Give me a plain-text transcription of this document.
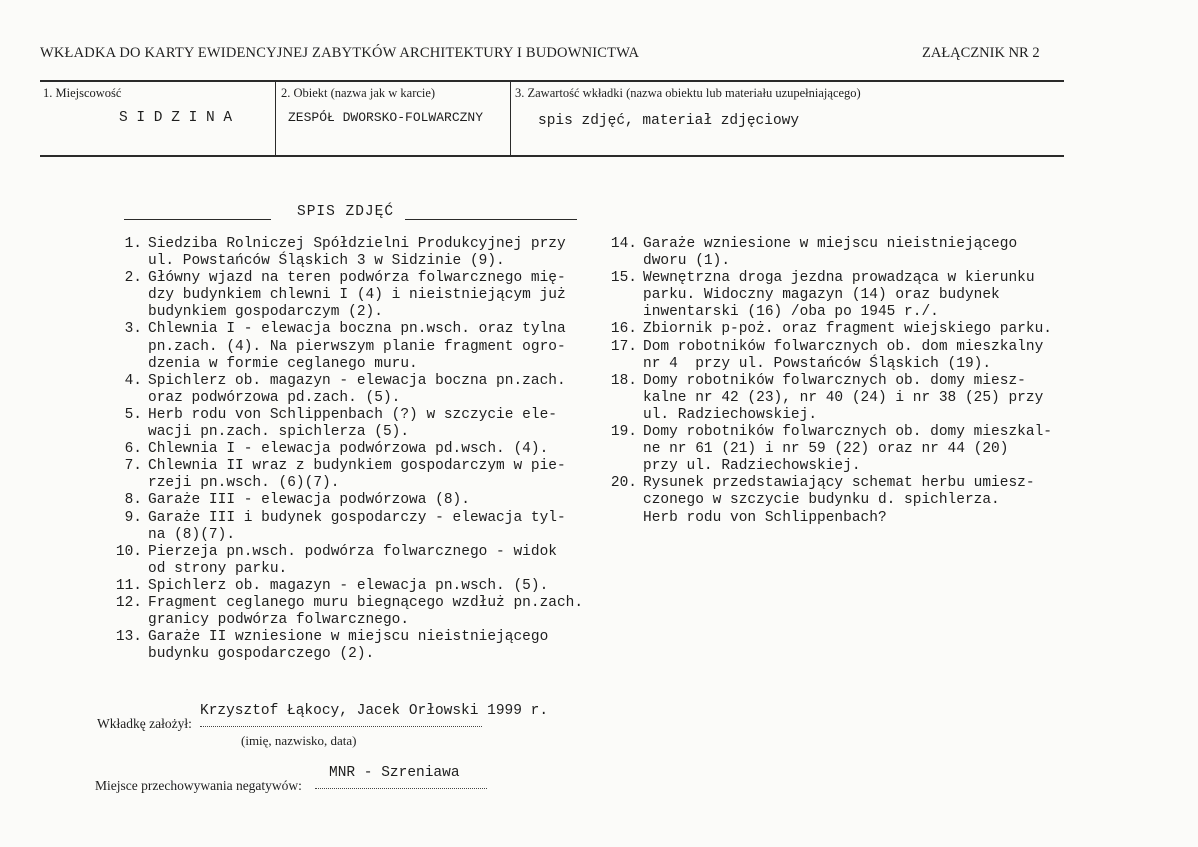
WKŁADKA DO KARTY EWIDENCYJNEJ ZABYTKÓW ARCHITEKTURY I BUDOWNICTWA	ZAŁĄCZNIK NR 2
1. Miejscowość
S I D Z I N A
2. Obiekt (nazwa jak w karcie)
ZESPÓŁ DWORSKO-FOLWARCZNY
3. Zawartość wkładki (nazwa obiektu lub materiału uzupełniającego)
spis zdjęć, materiał zdjęciowy
SPIS ZDJĘĆ
1. Siedziba Rolniczej Spółdzielni Produkcyjnej przy
ul. Powstańców Śląskich 3 w Sidzinie (9).
2. Główny wjazd na teren podwórza folwarcznego mię-
dzy budynkiem chlewni I (4) i nieistniejącym już
budynkiem gospodarczym (2).
3. Chlewnia I - elewacja boczna pn.wsch. oraz tylna
pn.zach. (4). Na pierwszym planie fragment ogro-
dzenia w formie ceglanego muru.
4. Spichlerz ob. magazyn - elewacja boczna pn.zach.
oraz podwórzowa pd.zach. (5).
5. Herb rodu von Schlippenbach (?) w szczycie ele-
wacji pn.zach. spichlerza (5).
6. Chlewnia I - elewacja podwórzowa pd.wsch. (4).
7. Chlewnia II wraz z budynkiem gospodarczym w pie-
rzeji pn.wsch. (6)(7).
8. Garaże III - elewacja podwórzowa (8).
9. Garaże III i budynek gospodarczy - elewacja tyl-
na (8)(7).
10. Pierzeja pn.wsch. podwórza folwarcznego - widok
od strony parku.
11. Spichlerz ob. magazyn - elewacja pn.wsch. (5).
12. Fragment ceglanego muru biegnącego wzdłuż pn.zach.
granicy podwórza folwarcznego.
13. Garaże II wzniesione w miejscu nieistniejącego
budynku gospodarczego (2).
14. Garaże wzniesione w miejscu nieistniejącego
dworu (1).
15. Wewnętrzna droga jezdna prowadząca w kierunku
parku. Widoczny magazyn (14) oraz budynek
inwentarski (16) /oba po 1945 r./.
16. Zbiornik p-poż. oraz fragment wiejskiego parku.
17. Dom robotników folwarcznych ob. dom mieszkalny
nr 4  przy ul. Powstańców Śląskich (19).
18. Domy robotników folwarcznych ob. domy miesz-
kalne nr 42 (23), nr 40 (24) i nr 38 (25) przy
ul. Radziechowskiej.
19. Domy robotników folwarcznych ob. domy mieszkal-
ne nr 61 (21) i nr 59 (22) oraz nr 44 (20)
przy ul. Radziechowskiej.
20. Rysunek przedstawiający schemat herbu umiesz-
czonego w szczycie budynku d. spichlerza.
Herb rodu von Schlippenbach?
Krzysztof Łąkocy, Jacek Orłowski 1999 r.
Wkładkę założył:
(imię, nazwisko, data)
MNR - Szreniawa
Miejsce przechowywania negatywów:
